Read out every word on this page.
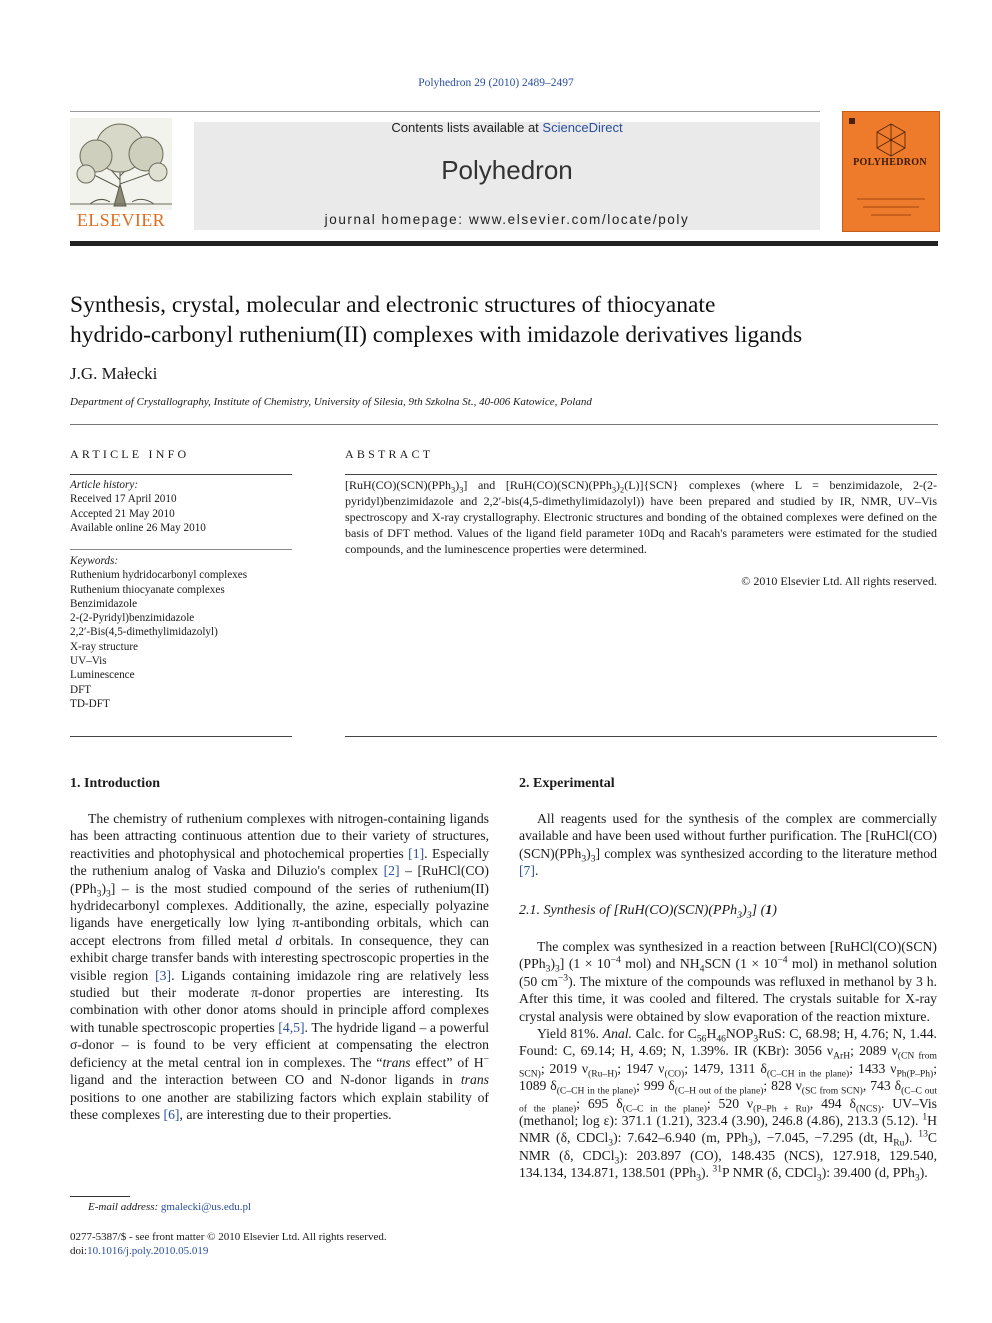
Polyhedron 29 (2010) 2489–2497
ELSEVIER
Contents lists available at ScienceDirect
Polyhedron
journal homepage: www.elsevier.com/locate/poly
POLYHEDRON
Synthesis, crystal, molecular and electronic structures of thiocyanate
hydrido-carbonyl ruthenium(II) complexes with imidazole derivatives ligands
J.G. Małecki
Department of Crystallography, Institute of Chemistry, University of Silesia, 9th Szkolna St., 40-006 Katowice, Poland
ARTICLE INFO
Article history:
Received 17 April 2010
Accepted 21 May 2010
Available online 26 May 2010
Keywords:
Ruthenium hydridocarbonyl complexes
Ruthenium thiocyanate complexes
Benzimidazole
2-(2-Pyridyl)benzimidazole
2,2′-Bis(4,5-dimethylimidazolyl)
X-ray structure
UV–Vis
Luminescence
DFT
TD-DFT
ABSTRACT
$[RuH(CO)(SCN)(PPh_3)_3]$ and $[RuH(CO)(SCN)(PPh_3)_2(L)]\{SCN\}$ complexes (where L = benzimidazole, 2-(2-pyridyl)benzimidazole and 2,2′-bis(4,5-dimethylimidazolyl)) have been prepared and studied by IR, NMR, UV–Vis spectroscopy and X-ray crystallography. Electronic structures and bonding of the obtained complexes were defined on the basis of DFT method. Values of the ligand field parameter 10Dq and Racah's parameters were estimated for the studied compounds, and the luminescence properties were determined.
© 2010 Elsevier Ltd. All rights reserved.
1. Introduction

The chemistry of ruthenium complexes with nitrogen-containing ligands has been attracting continuous attention due to their variety of structures, reactivities and photophysical and photochemical properties [1]. Especially the ruthenium analog of Vaska and Diluzio's complex $[2] - [RuHCl(CO)(PPh_3)_3]$ – is the most studied compound of the series of ruthenium(II) hydridecarbonyl complexes. Additionally, the azine, especially polyazine ligands have energetically low lying π-antibonding orbitals, which can accept electrons from filled metal d orbitals. In consequence, they can exhibit charge transfer bands with interesting spectroscopic properties in the visible region [3]. Ligands containing imidazole ring are relatively less studied but their moderate π-donor properties are interesting. Its combination with other donor atoms should in principle afford complexes with tunable spectroscopic properties [4,5]. The hydride ligand – a powerful σ-donor – is found to be very efficient at compensating the electron deficiency at the metal central ion in complexes. The “trans effect” of H− ligand and the interaction between CO and N-donor ligands in trans positions to one another are stabilizing factors which explain stability of these complexes [6], are interesting due to their properties.

E-mail address: gmalecki@us.edu.pl
0277-5387/$ - see front matter © 2010 Elsevier Ltd. All rights reserved.
doi:10.1016/j.poly.2010.05.019
2. Experimental

All reagents used for the synthesis of the complex are commercially available and have been used without further purification. The $[RuHCl(CO)(SCN)(PPh_3)_3]$ complex was synthesized according to the literature method [7].

2.1. Synthesis of $[RuH(CO)(SCN)(PPh_3)_3]$ (1)

The complex was synthesized in a reaction between $[RuHCl(CO)(SCN)(PPh_3)_3] (1 \times 10^{-4}$ mol) and $NH_4SCN$ ($1 \times 10^{-4}$ mol) in methanol solution (50 $cm^{-3}$). The mixture of the compounds was refluxed in methanol by 3 h. After this time, it was cooled and filtered. The crystals suitable for X-ray crystal analysis were obtained by slow evaporation of the reaction mixture.

Yield 81%. Anal. Calc. for $C_{56}H_{46}NOP_3RuS$: C, 68.98; H, 4.76; N, 1.44. Found: C, 69.14; H, 4.69; N, 1.39%. IR (KBr): 3056 $\nu_{ArH}$; 2089 $\nu_{(CN from SCN)}$; 2019 $\nu_{(Ru-H)}$; 1947 $\nu_{(CO)}$; 1479, 1311 $\delta_{(C-CH in the plane)}$; 1433 $\nu_{Ph(P-Ph)}$; 1089 $\delta_{(C-CH in the plane)}$; 999 $\delta_{(C-H out of the plane)}$; 828 $\nu_{(SC from SCN)}$, 743 $\delta_{(C-C out of the plane)}$; 695 $\delta_{(C-C in the plane)}$; 520 $\nu_{(P-Ph + Ru)}$, 494 $\delta_{(NCS)}$. UV–Vis (methanol; log ε): 371.1 (1.21), 323.4 (3.90), 246.8 (4.86), 213.3 (5.12). $^1$H NMR (δ, CDCl$_3$): 7.642–6.940 (m, PPh$_3$), −7.045, −7.295 (dt, $H_{Ru}$). $^{13}$C NMR (δ, CDCl$_3$): 203.897 (CO), 148.435 (NCS), 127.918, 129.540, 134.134, 134.871, 138.501 (PPh$_3$). $^{31}$P NMR (δ, CDCl$_3$): 39.400 (d, PPh$_3$).
